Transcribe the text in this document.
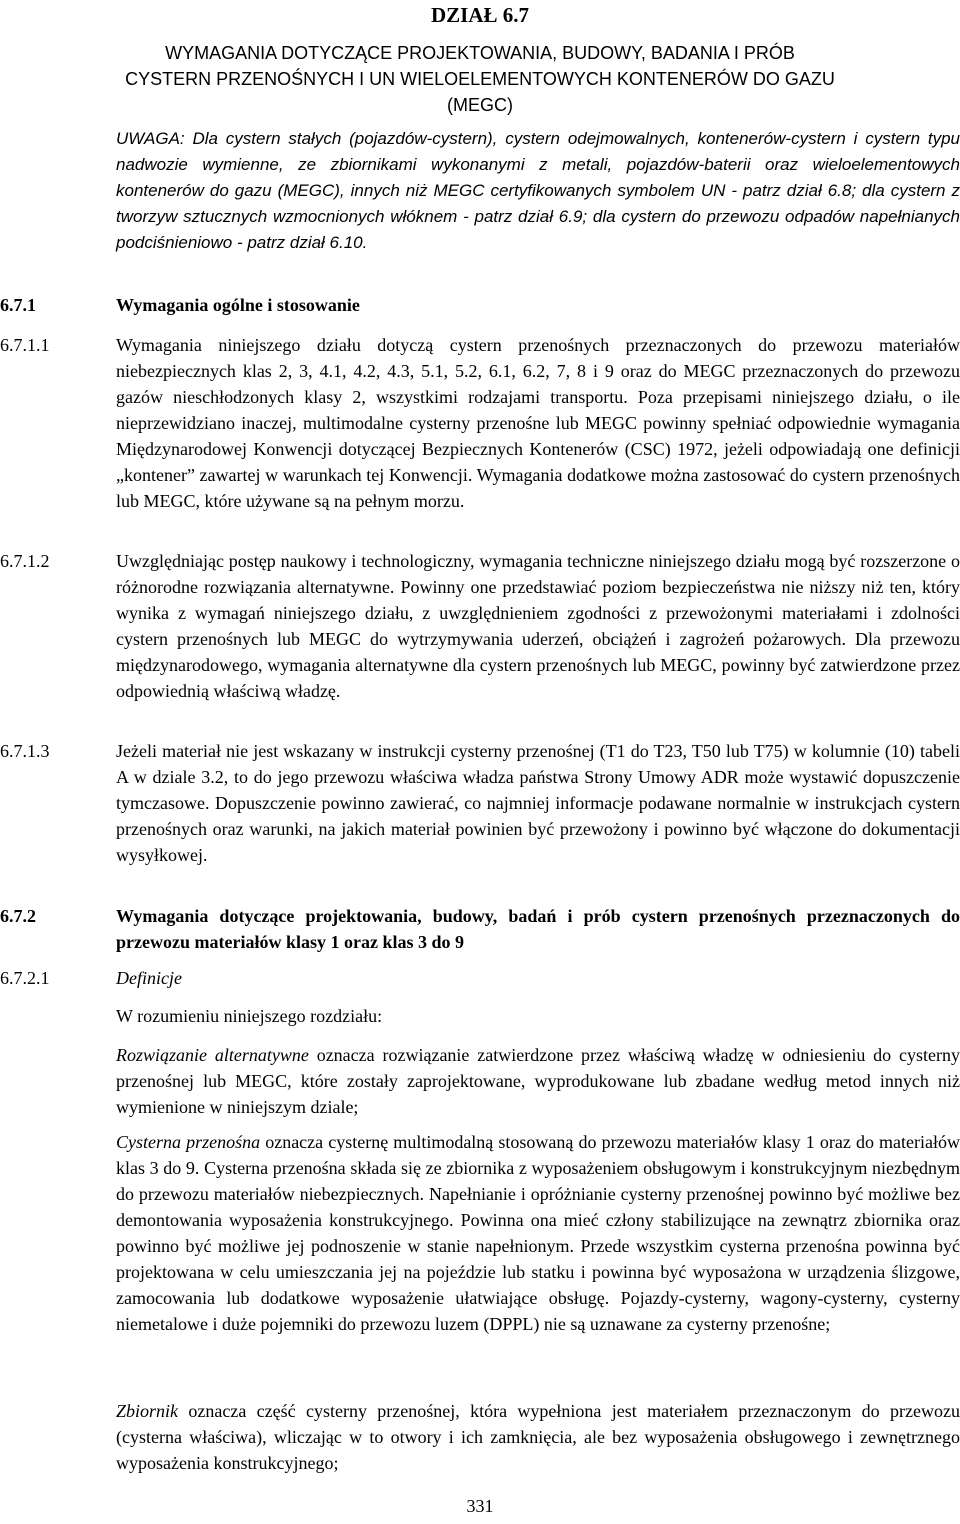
DZIAŁ 6.7
WYMAGANIA DOTYCZĄCE PROJEKTOWANIA, BUDOWY, BADANIA I PRÓB CYSTERN PRZENOŚNYCH I UN WIELOELEMENTOWYCH KONTENERÓW DO GAZU (MEGC)
UWAGA: Dla cystern stałych (pojazdów-cystern), cystern odejmowalnych, kontenerów-cystern i cystern typu nadwozie wymienne, ze zbiornikami wykonanymi z metali, pojazdów-baterii oraz wieloelementowych kontenerów do gazu (MEGC), innych niż MEGC certyfikowanych symbolem UN - patrz dział 6.8; dla cystern z tworzyw sztucznych wzmocnionych włóknem - patrz dział 6.9; dla cystern do przewozu odpadów napełnianych podciśnieniowo - patrz dział 6.10.
6.7.1	Wymagania ogólne i stosowanie
6.7.1.1	Wymagania niniejszego działu dotyczą cystern przenośnych przeznaczonych do przewozu materiałów niebezpiecznych klas 2, 3, 4.1, 4.2, 4.3, 5.1, 5.2, 6.1, 6.2, 7, 8 i 9 oraz do MEGC przeznaczonych do przewozu gazów nieschłodzonych klasy 2, wszystkimi rodzajami transportu. Poza przepisami niniejszego działu, o ile nieprzewidziano inaczej, multimodalne cysterny przenośne lub MEGC powinny spełniać odpowiednie wymagania Międzynarodowej Konwencji dotyczącej Bezpiecznych Kontenerów (CSC) 1972, jeżeli odpowiadają one definicji „kontener” zawartej w warunkach tej Konwencji. Wymagania dodatkowe można zastosować do cystern przenośnych lub MEGC, które używane są na pełnym morzu.
6.7.1.2	Uwzględniając postęp naukowy i technologiczny, wymagania techniczne niniejszego działu mogą być rozszerzone o różnorodne rozwiązania alternatywne. Powinny one przedstawiać poziom bezpieczeństwa nie niższy niż ten, który wynika z wymagań niniejszego działu, z uwzględnieniem zgodności z przewożonymi materiałami i zdolności cystern przenośnych lub MEGC do wytrzymywania uderzeń, obciążeń i zagrożeń pożarowych. Dla przewozu międzynarodowego, wymagania alternatywne dla cystern przenośnych lub MEGC, powinny być zatwierdzone przez odpowiednią właściwą władzę.
6.7.1.3	Jeżeli materiał nie jest wskazany w instrukcji cysterny przenośnej (T1 do T23, T50 lub T75) w kolumnie (10) tabeli A w dziale 3.2, to do jego przewozu właściwa władza państwa Strony Umowy ADR może wystawić dopuszczenie tymczasowe. Dopuszczenie powinno zawierać, co najmniej informacje podawane normalnie w instrukcjach cystern przenośnych oraz warunki, na jakich materiał powinien być przewożony i powinno być włączone do dokumentacji wysyłkowej.
6.7.2	Wymagania dotyczące projektowania, budowy, badań i prób cystern przenośnych przeznaczonych do przewozu materiałów klasy 1 oraz klas 3 do 9
6.7.2.1	Definicje
W rozumieniu niniejszego rozdziału:

Rozwiązanie alternatywne oznacza rozwiązanie zatwierdzone przez właściwą władzę w odniesieniu do cysterny przenośnej lub MEGC, które zostały zaprojektowane, wyprodukowane lub zbadane według metod innych niż wymienione w niniejszym dziale;

Cysterna przenośna oznacza cysternę multimodalną stosowaną do przewozu materiałów klasy 1 oraz do materiałów klas 3 do 9. Cysterna przenośna składa się ze zbiornika z wyposażeniem obsługowym i konstrukcyjnym niezbędnym do przewozu materiałów niebezpiecznych. Napełnianie i opróżnianie cysterny przenośnej powinno być możliwe bez demontowania wyposażenia konstrukcyjnego. Powinna ona mieć człony stabilizujące na zewnątrz zbiornika oraz powinno być możliwe jej podnoszenie w stanie napełnionym. Przede wszystkim cysterna przenośna powinna być projektowana w celu umieszczania jej na pojeździe lub statku i powinna być wyposażona w urządzenia ślizgowe, zamocowania lub dodatkowe wyposażenie ułatwiające obsługę. Pojazdy-cysterny, wagony-cysterny, cysterny niemetalowe i duże pojemniki do przewozu luzem (DPPL) nie są uznawane za cysterny przenośne;

Zbiornik oznacza część cysterny przenośnej, która wypełniona jest materiałem przeznaczonym do przewozu (cysterna właściwa), wliczając w to otwory i ich zamknięcia, ale bez wyposażenia obsługowego i zewnętrznego wyposażenia konstrukcyjnego;

331
